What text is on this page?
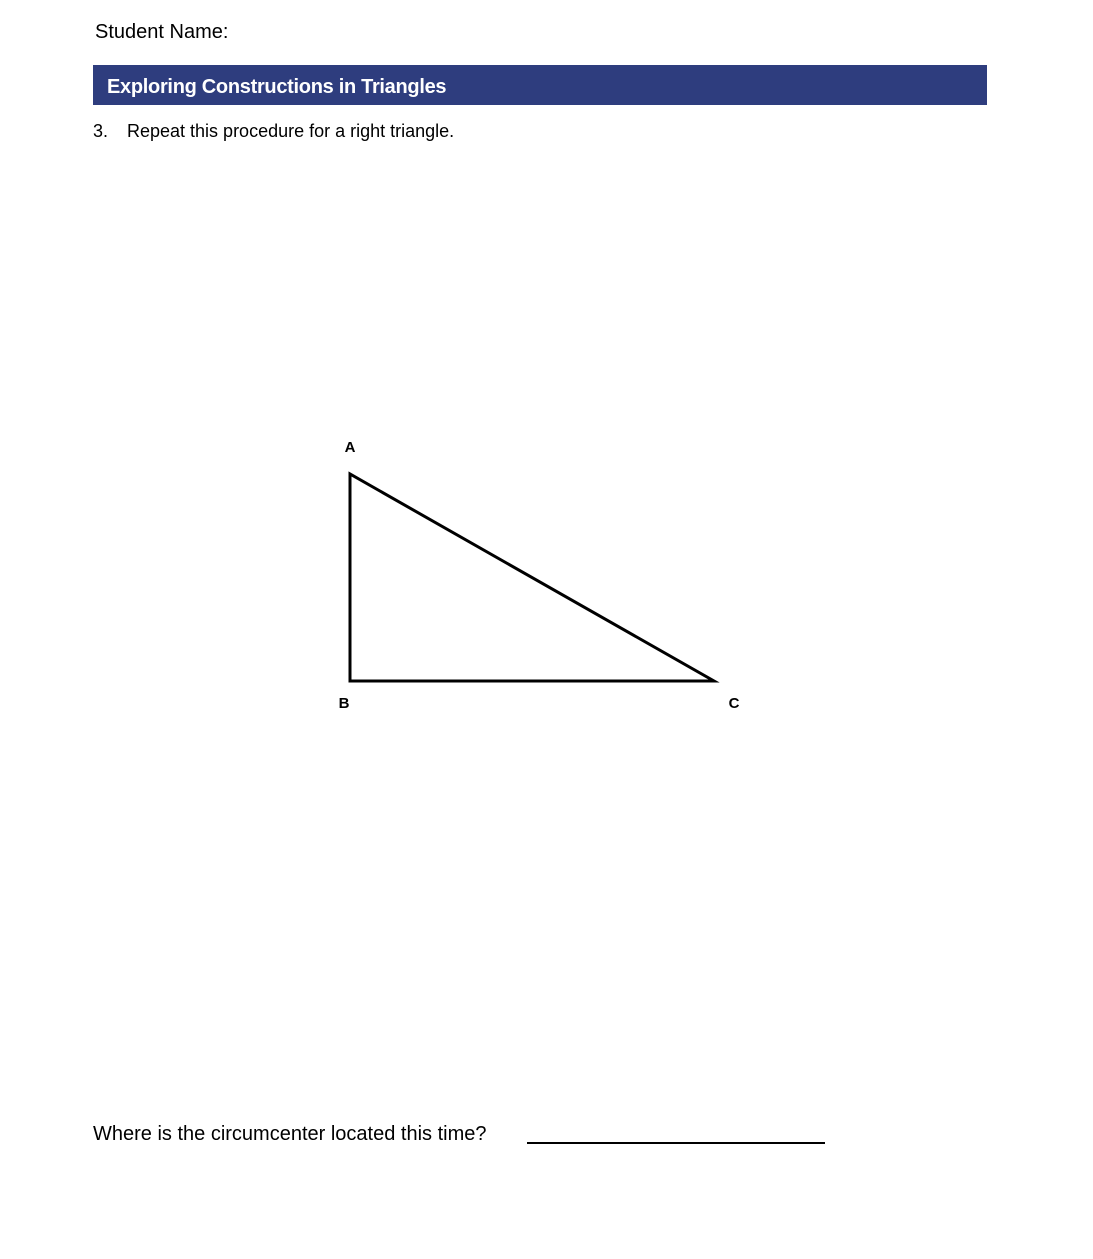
Student Name:
Exploring Constructions in Triangles
3. Repeat this procedure for a right triangle.
A
B	C
Where is the circumcenter located this time?
